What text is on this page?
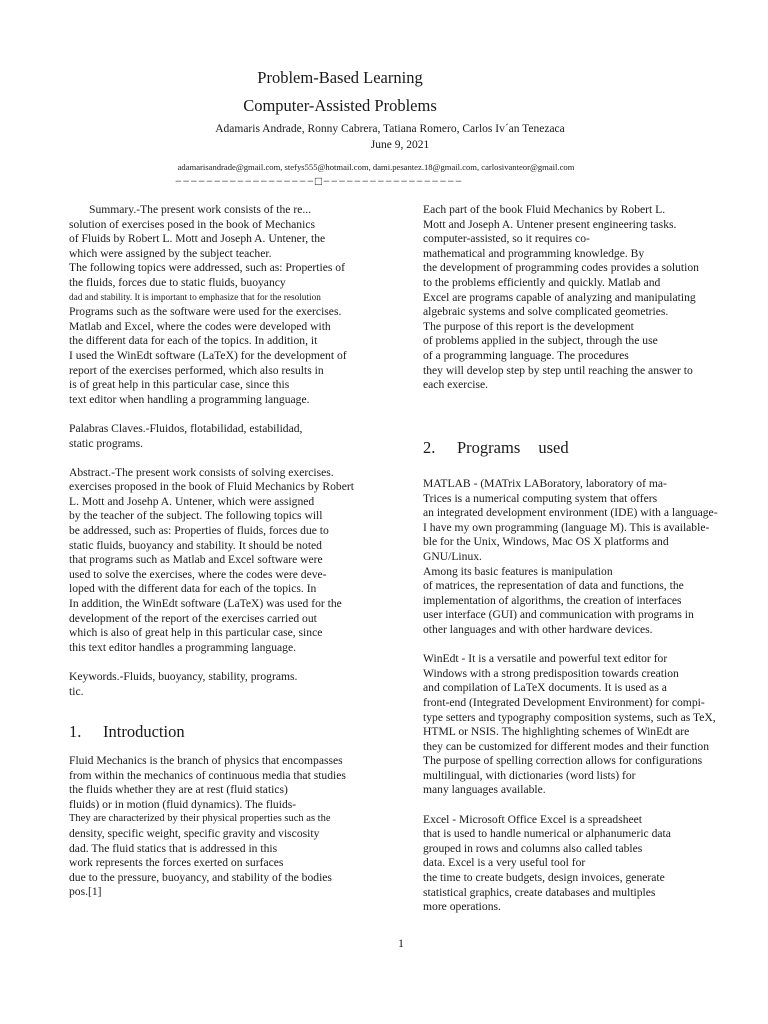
Problem-Based Learning
Computer-Assisted Problems
Adamaris Andrade, Ronny Cabrera, Tatiana Romero, Carlos Iv´an Tenezaca
June 9, 2021
adamarisandrade@gmail.com, stefys555@hotmail.com, dami.pesantez.18@gmail.com, carlosivanteor@gmail.com
−−−−−−−−−−−−−−−−−−□−−−−−−−−−−−−−−−−−−

Summary.-The present work consists of the re...
solution of exercises posed in the book of Mechanics
of Fluids by Robert L. Mott and Joseph A. Untener, the
which were assigned by the subject teacher.
The following topics were addressed, such as: Properties of
the fluids, forces due to static fluids, buoyancy
dad and stability. It is important to emphasize that for the resolution
Programs such as the software were used for the exercises.
Matlab and Excel, where the codes were developed with
the different data for each of the topics. In addition, it
I used the WinEdt software (LaTeX) for the development of
report of the exercises performed, which also results in
is of great help in this particular case, since this
text editor when handling a programming language.

Palabras Claves.-Fluidos, flotabilidad, estabilidad,
static programs.

Abstract.-The present work consists of solving exercises.
exercises proposed in the book of Fluid Mechanics by Robert
L. Mott and Josehp A. Untener, which were assigned
by the teacher of the subject. The following topics will
be addressed, such as: Properties of fluids, forces due to
static fluids, buoyancy and stability. It should be noted
that programs such as Matlab and Excel software were
used to solve the exercises, where the codes were deve-
loped with the different data for each of the topics. In
In addition, the WinEdt software (LaTeX) was used for the
development of the report of the exercises carried out
which is also of great help in this particular case, since
this text editor handles a programming language.

Keywords.-Fluids, buoyancy, stability, programs.
tic.

1. Introduction

Fluid Mechanics is the branch of physics that encompasses
from within the mechanics of continuous media that studies
the fluids whether they are at rest (fluid statics)
fluids) or in motion (fluid dynamics). The fluids-
They are characterized by their physical properties such as the
density, specific weight, specific gravity and viscosity
dad. The fluid statics that is addressed in this
work represents the forces exerted on surfaces
due to the pressure, buoyancy, and stability of the bodies
pos.[1]

Each part of the book Fluid Mechanics by Robert L.
Mott and Joseph A. Untener present engineering tasks.
computer-assisted, so it requires co-
mathematical and programming knowledge. By
the development of programming codes provides a solution
to the problems efficiently and quickly. Matlab and
Excel are programs capable of analyzing and manipulating
algebraic systems and solve complicated geometries.
The purpose of this report is the development
of problems applied in the subject, through the use
of a programming language. The procedures
they will develop step by step until reaching the answer to
each exercise.

2. Programs used

MATLAB - (MATrix LABoratory, laboratory of ma-
Trices is a numerical computing system that offers
an integrated development environment (IDE) with a language-
I have my own programming (language M). This is available-
ble for the Unix, Windows, Mac OS X platforms and
GNU/Linux.
Among its basic features is manipulation
of matrices, the representation of data and functions, the
implementation of algorithms, the creation of interfaces
user interface (GUI) and communication with programs in
other languages and with other hardware devices.

WinEdt - It is a versatile and powerful text editor for
Windows with a strong predisposition towards creation
and compilation of LaTeX documents. It is used as a
front-end (Integrated Development Environment) for compi-
type setters and typography composition systems, such as TeX,
HTML or NSIS. The highlighting schemes of WinEdt are
they can be customized for different modes and their function
The purpose of spelling correction allows for configurations
multilingual, with dictionaries (word lists) for
many languages available.

Excel - Microsoft Office Excel is a spreadsheet
that is used to handle numerical or alphanumeric data
grouped in rows and columns also called tables
data. Excel is a very useful tool for
the time to create budgets, design invoices, generate
statistical graphics, create databases and multiples
more operations.

1
